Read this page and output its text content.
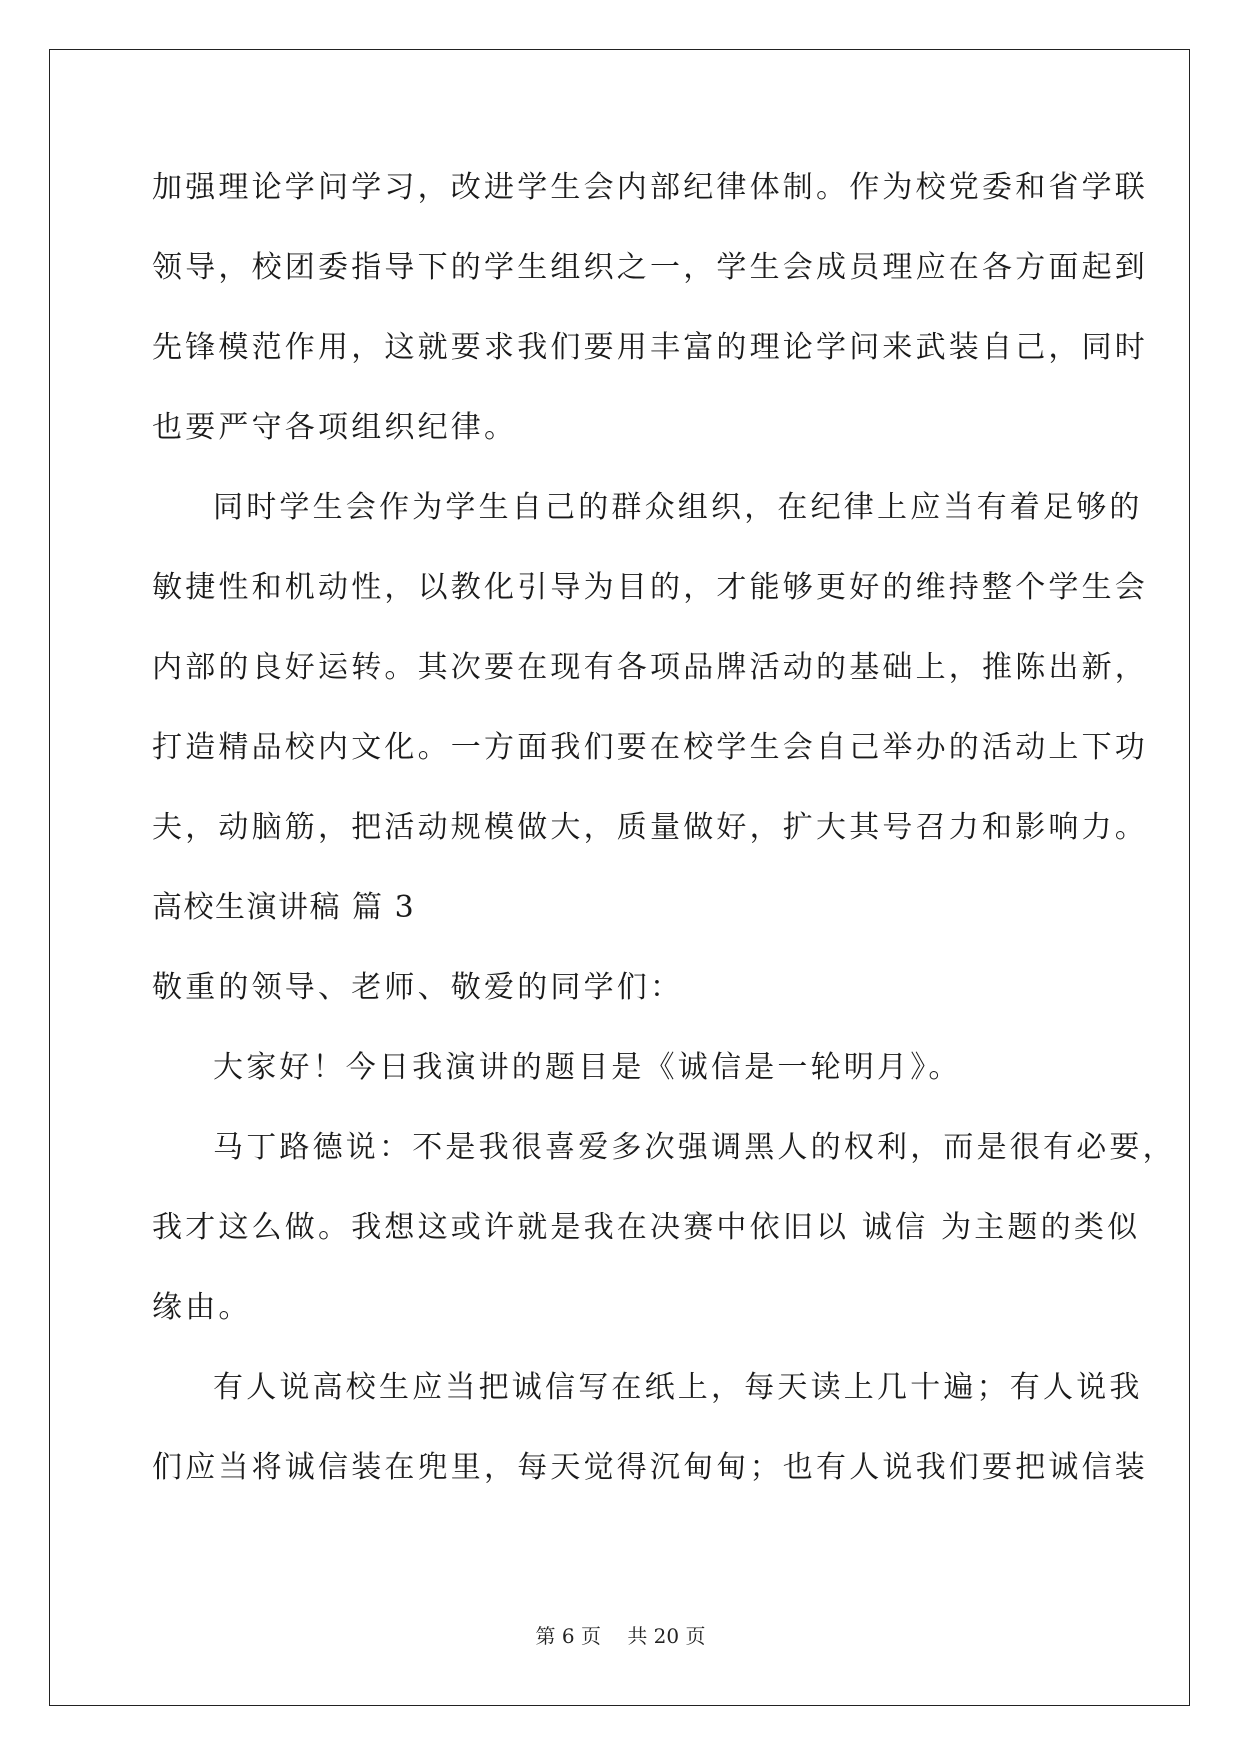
加强理论学问学习，改进学生会内部纪律体制。作为校党委和省学联
领导，校团委指导下的学生组织之一，学生会成员理应在各方面起到
先锋模范作用，这就要求我们要用丰富的理论学问来武装自己，同时
也要严守各项组织纪律。
同时学生会作为学生自己的群众组织，在纪律上应当有着足够的
敏捷性和机动性，以教化引导为目的，才能够更好的维持整个学生会
内部的良好运转。其次要在现有各项品牌活动的基础上，推陈出新，
打造精品校内文化。一方面我们要在校学生会自己举办的活动上下功
夫，动脑筋，把活动规模做大，质量做好，扩大其号召力和影响力。
高校生演讲稿 篇 3
敬重的领导、老师、敬爱的同学们：
大家好！今日我演讲的题目是《诚信是一轮明月》。
马丁路德说：不是我很喜爱多次强调黑人的权利，而是很有必要，
我才这么做。我想这或许就是我在决赛中依旧以 诚信 为主题的类似
缘由。
有人说高校生应当把诚信写在纸上，每天读上几十遍；有人说我
们应当将诚信装在兜里，每天觉得沉甸甸；也有人说我们要把诚信装
第 6 页 共 20 页
